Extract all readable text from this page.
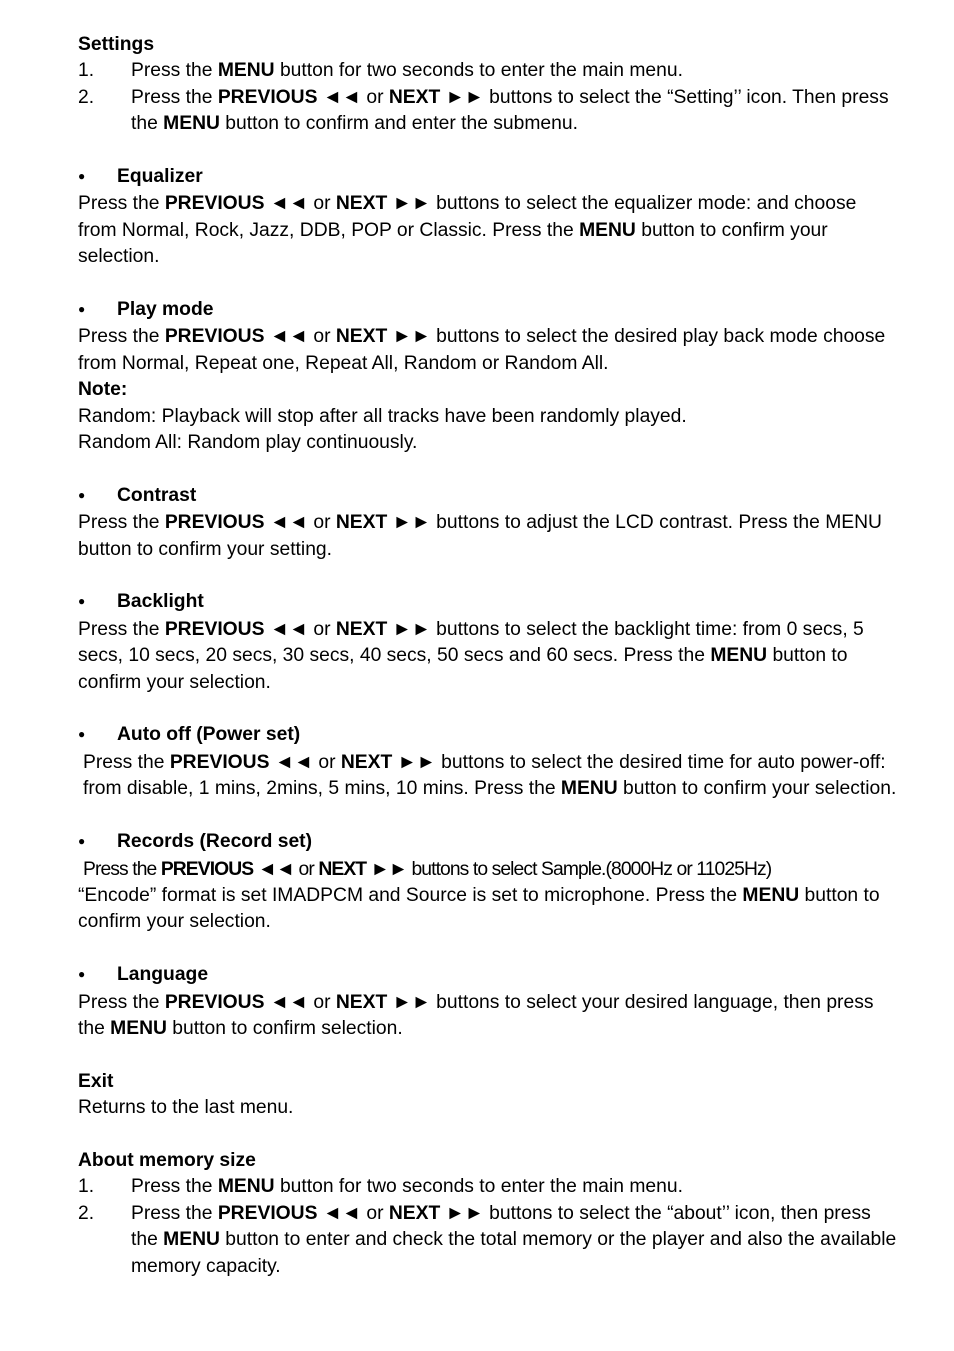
Settings
1. Press the MENU button for two seconds to enter the main menu.
2. Press the PREVIOUS ◄◄ or NEXT ►► buttons to select the “Setting’’ icon. Then press the MENU button to confirm and enter the submenu.
●	Equalizer

Press the PREVIOUS ◄◄ or NEXT ►► buttons to select the equalizer mode: and choose from Normal, Rock, Jazz, DDB, POP or Classic. Press the MENU button to confirm your selection.

●	Play mode

Press the PREVIOUS ◄◄ or NEXT ►► buttons to select the desired play back mode choose from Normal, Repeat one, Repeat All, Random or Random All.

Note:

Random: Playback will stop after all tracks have been randomly played.

Random All: Random play continuously.

●	Contrast

Press the PREVIOUS ◄◄ or NEXT ►► buttons to adjust the LCD contrast. Press the MENU button to confirm your setting.

●	Backlight

Press the PREVIOUS ◄◄ or NEXT ►► buttons to select the backlight time: from 0 secs, 5 secs, 10 secs, 20 secs, 30 secs, 40 secs, 50 secs and 60 secs. Press the MENU button to confirm your selection.

●	Auto off (Power set)

Press the PREVIOUS ◄◄ or NEXT ►► buttons to select the desired time for auto power-off: from disable, 1 mins, 2mins, 5 mins, 10 mins. Press the MENU button to confirm your selection.

●	Records (Record set)

Press the PREVIOUS ◄◄ or NEXT ►► buttons to select Sample.(8000Hz or 11025Hz)

“Encode” format is set IMADPCM and Source is set to microphone. Press the MENU button to confirm your selection.

●	Language

Press the PREVIOUS ◄◄ or NEXT ►► buttons to select your desired language, then press the MENU button to confirm selection.

Exit

Returns to the last menu.

About memory size
1. Press the MENU button for two seconds to enter the main menu.
2. Press the PREVIOUS ◄◄ or NEXT ►► buttons to select the “about’’ icon, then press the MENU button to enter and check the total memory or the player and also the available memory capacity.
